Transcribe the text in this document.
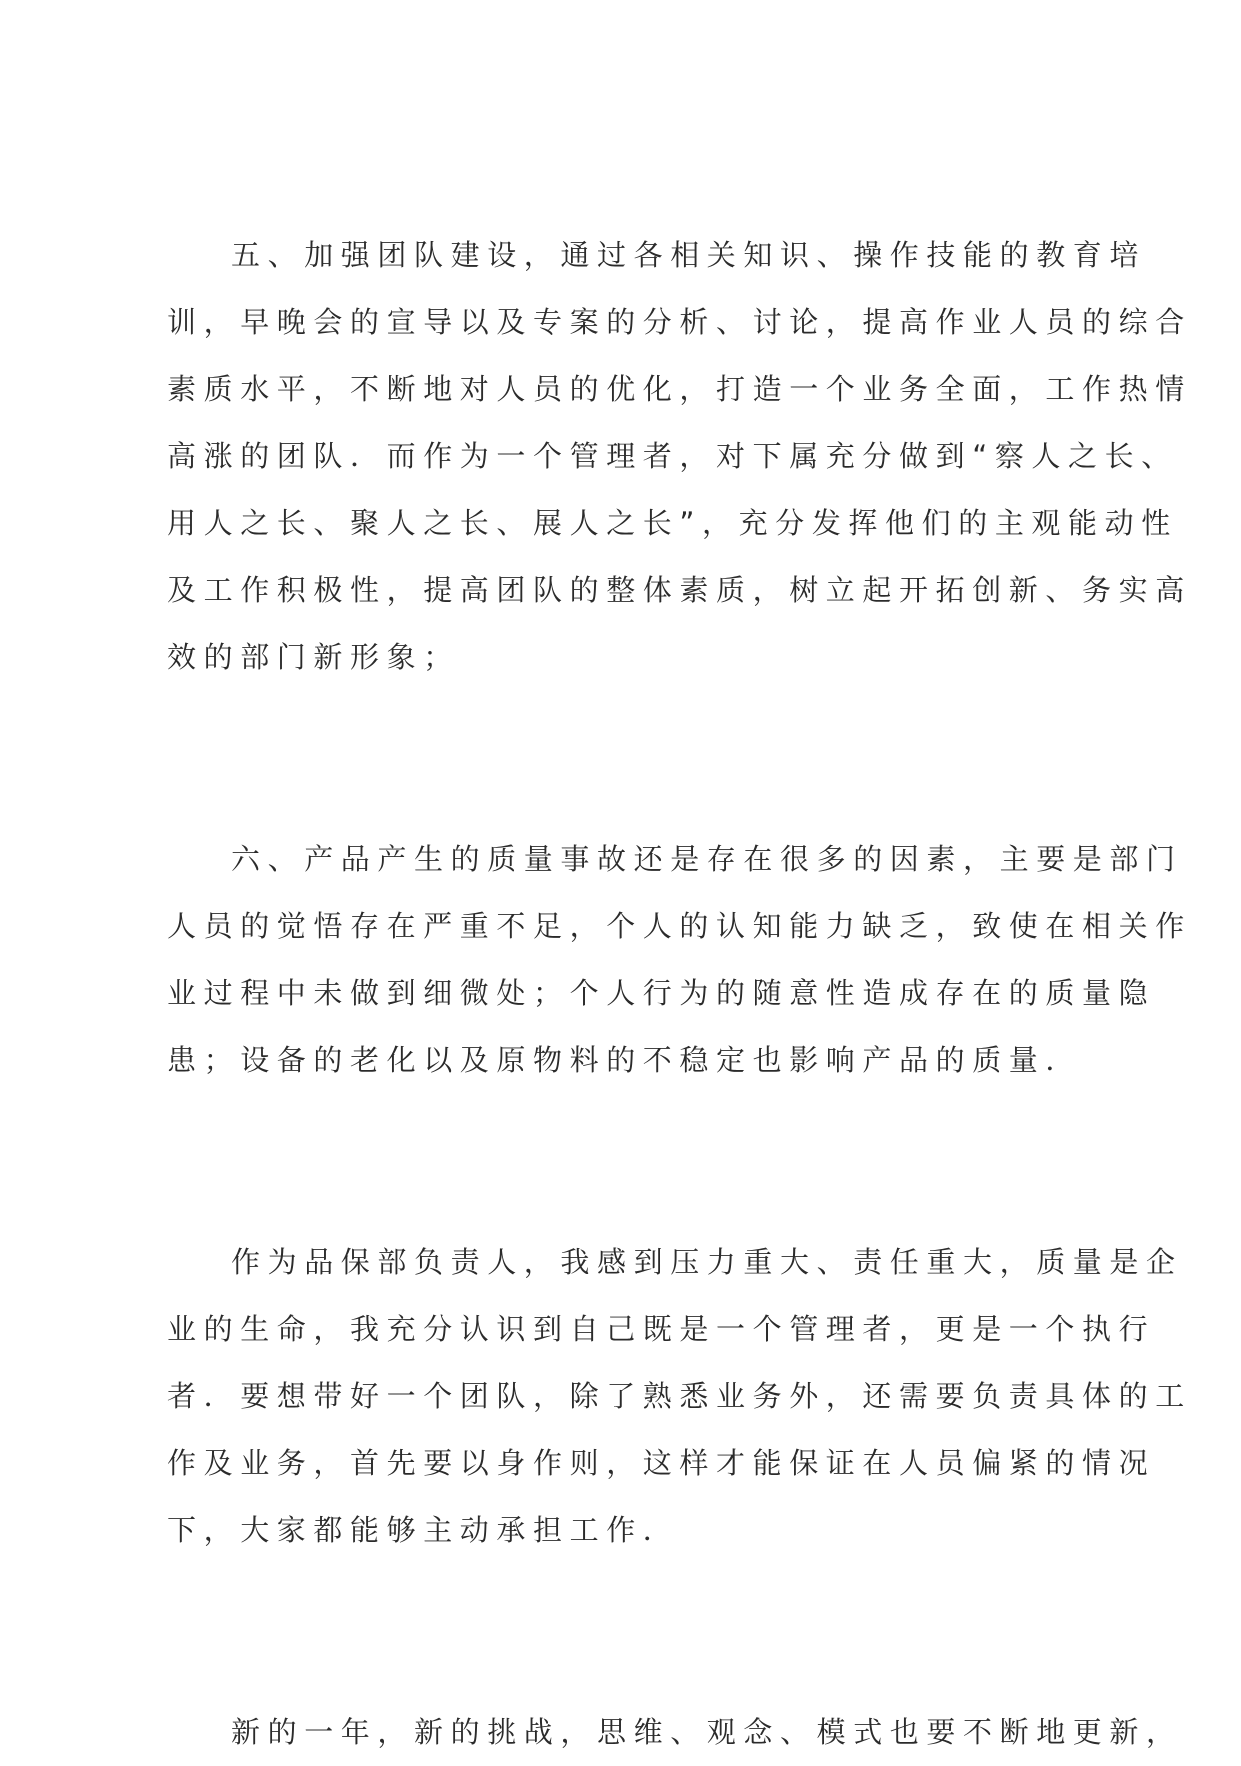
五、加强团队建设，通过各相关知识、操作技能的教育培
训，早晚会的宣导以及专案的分析、讨论，提高作业人员的综合
素质水平，不断地对人员的优化，打造一个业务全面，工作热情
高涨的团队．而作为一个管理者，对下属充分做到“察人之长、
用人之长、聚人之长、展人之长”，充分发挥他们的主观能动性
及工作积极性，提高团队的整体素质，树立起开拓创新、务实高
效的部门新形象；
六、产品产生的质量事故还是存在很多的因素，主要是部门
人员的觉悟存在严重不足，个人的认知能力缺乏，致使在相关作
业过程中未做到细微处；个人行为的随意性造成存在的质量隐
患；设备的老化以及原物料的不稳定也影响产品的质量．
作为品保部负责人，我感到压力重大、责任重大，质量是企
业的生命，我充分认识到自己既是一个管理者，更是一个执行
者．要想带好一个团队，除了熟悉业务外，还需要负责具体的工
作及业务，首先要以身作则，这样才能保证在人员偏紧的情况
下，大家都能够主动承担工作．
新的一年，新的挑战，思维、观念、模式也要不断地更新，
